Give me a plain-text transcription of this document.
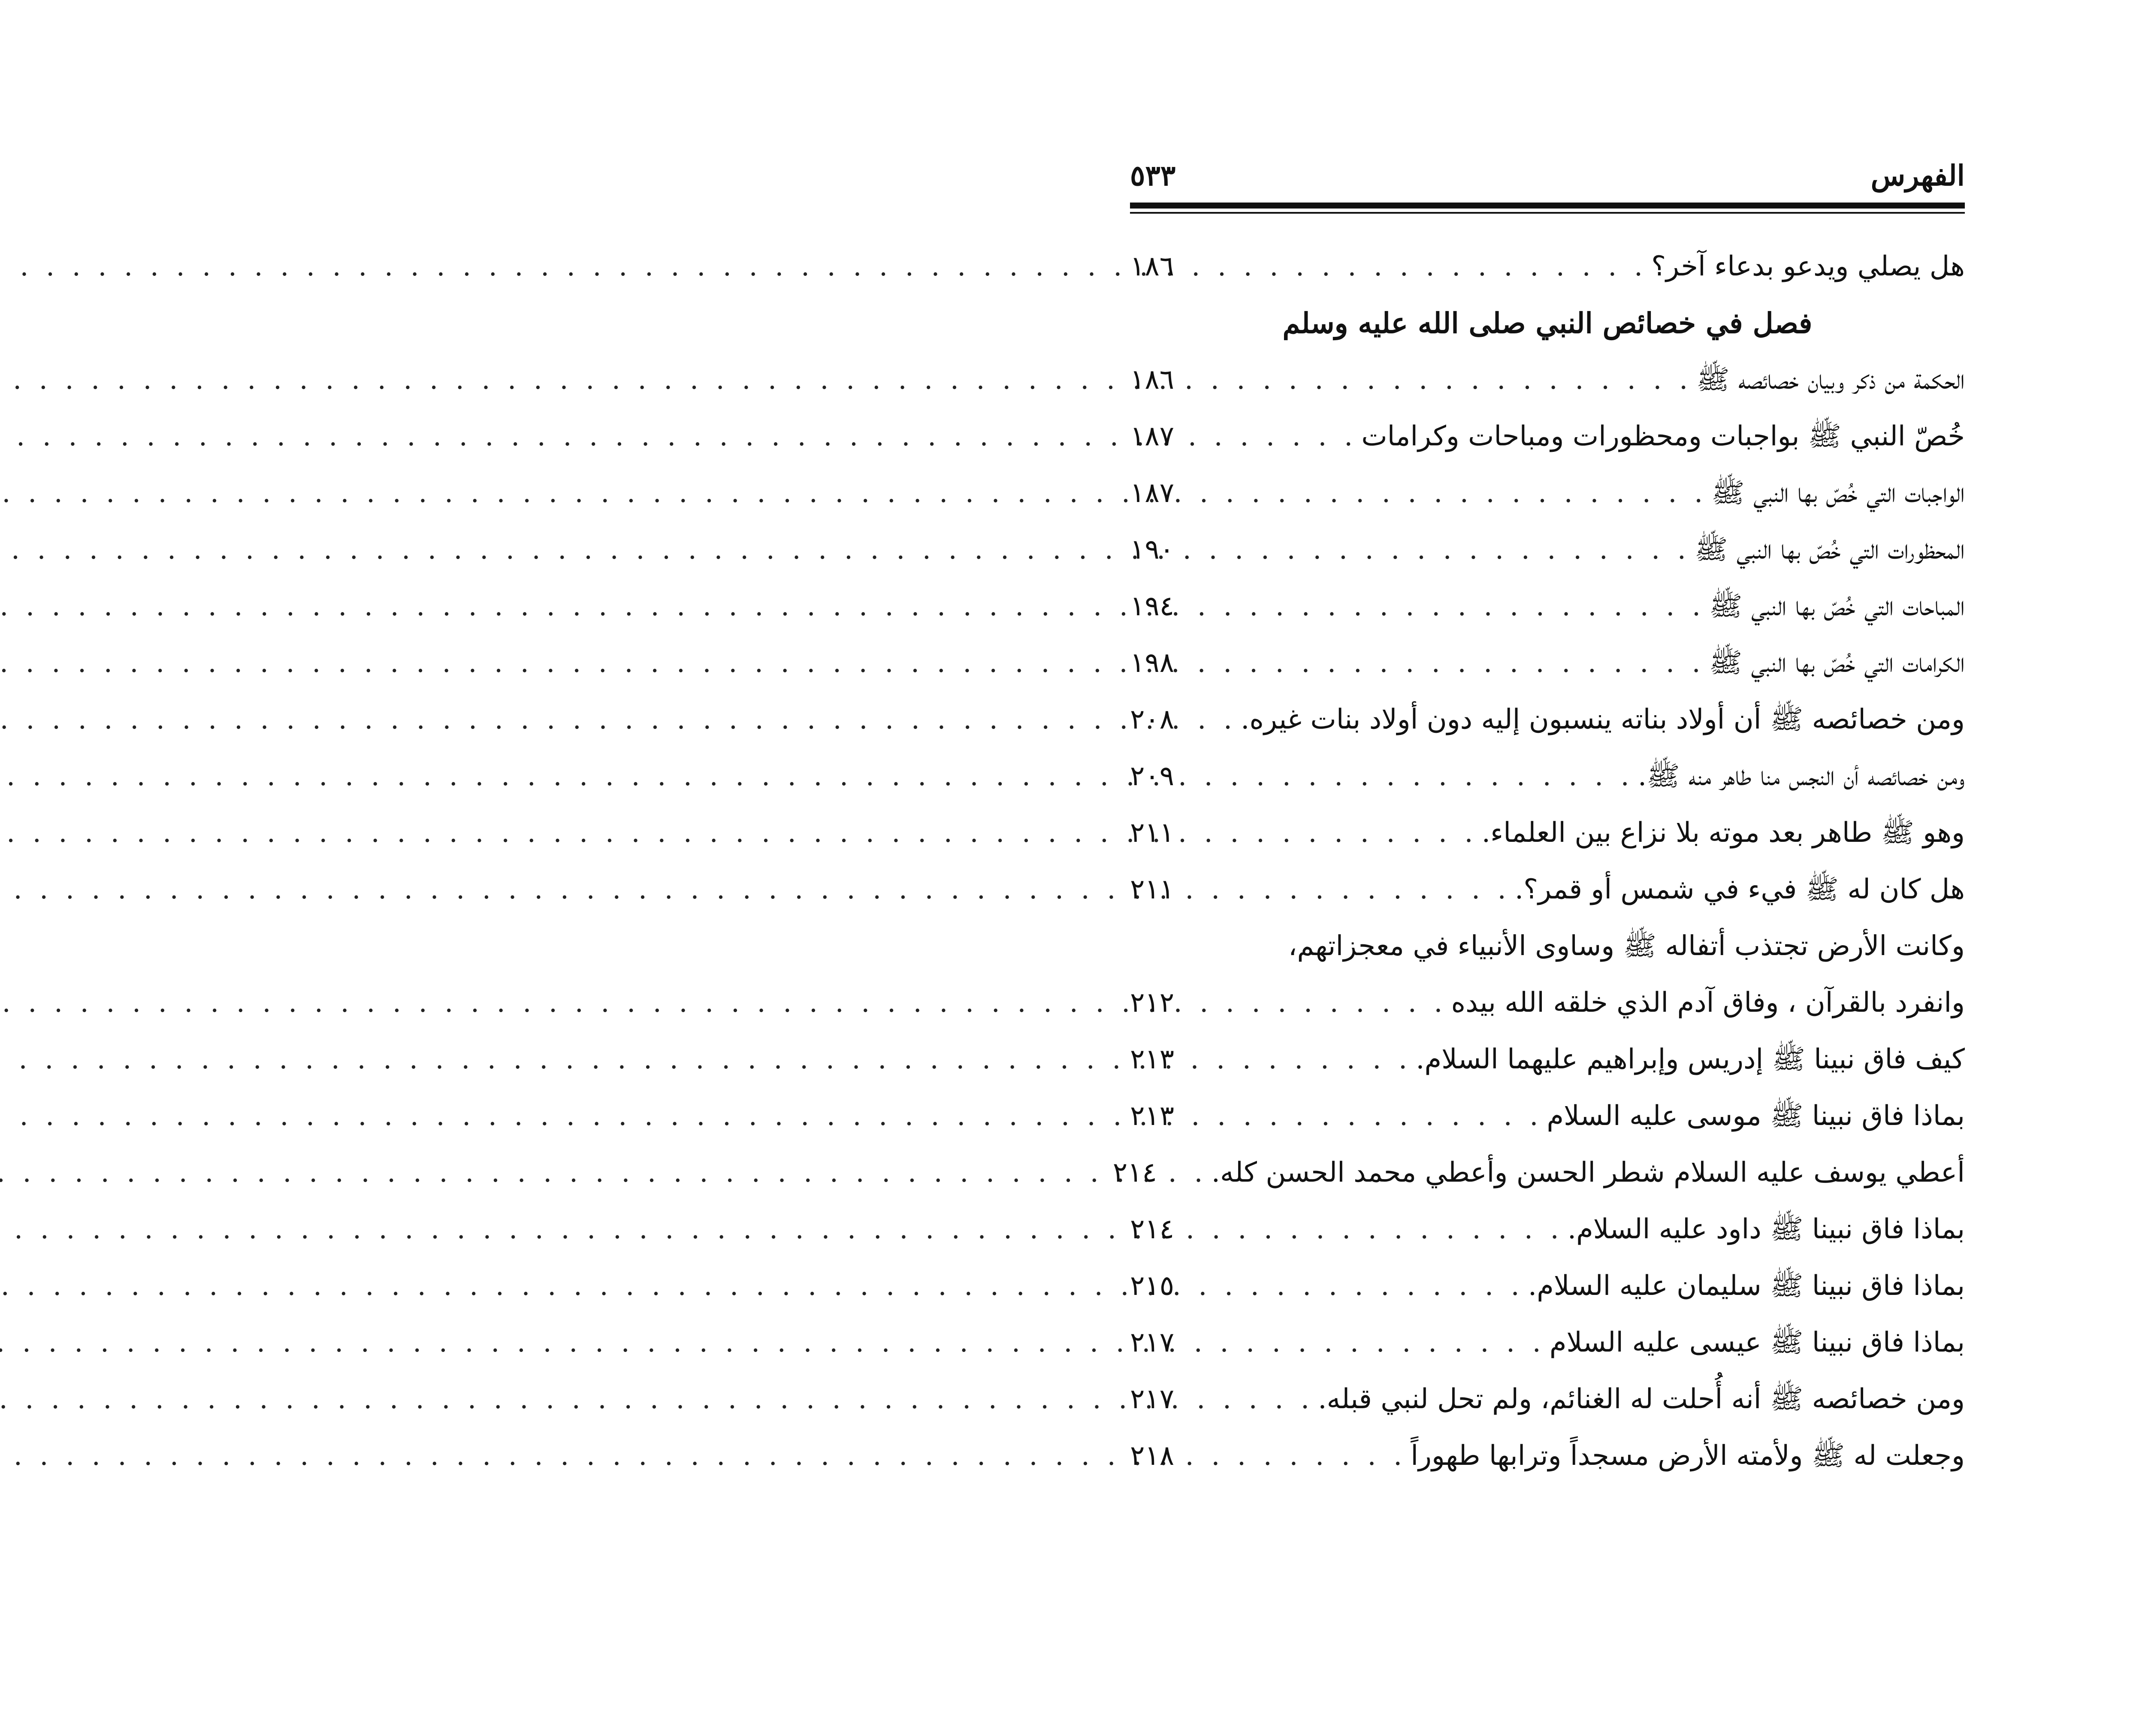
الفهرس
٥٣٣
هل يصلي ويدعو بدعاء آخر؟
. . .
١٨٦
فصل في خصائص النبي صلى الله عليه وسلم
الحكمة من ذكر وبيان خصائصه ﷺ
. . .
١٨٦
خُصّ النبي ﷺ بواجبات ومحظورات ومباحات وكرامات
. . .
١٨٧
الواجبات التي خُصّ بها النبي ﷺ
. . .
١٨٧
المحظورات التي خُصّ بها النبي ﷺ
. . .
١٩٠
المباحات التي خُصّ بها النبي ﷺ
. . .
١٩٤
الكرامات التي خُصّ بها النبي ﷺ
. . .
١٩٨
ومن خصائصه ﷺ أن أولاد بناته ينسبون إليه دون أولاد بنات غيره.
. . .
٢٠٨
ومن خصائصه أن النجس منا طاهر منه ﷺ.
. . .
٢٠٩
وهو ﷺ طاهر بعد موته بلا نزاع بين العلماء.
. . .
٢١١
هل كان له ﷺ فيء في شمس أو قمر؟.
. . .
٢١١
وكانت الأرض تجتذب أتفاله ﷺ وساوى الأنبياء في معجزاتهم،
وانفرد بالقرآن ، وفاق آدم الذي خلقه الله بيده
. . .
٢١٢
كيف فاق نبينا ﷺ إدريس وإبراهيم عليهما السلام.
. . .
٢١٣
بماذا فاق نبينا ﷺ موسى عليه السلام
. . .
٢١٣
أعطي يوسف عليه السلام شطر الحسن وأعطي محمد الحسن كله.
. . .
٢١٤
بماذا فاق نبينا ﷺ داود عليه السلام.
. . .
٢١٤
بماذا فاق نبينا ﷺ سليمان عليه السلام.
. . .
٢١٥
بماذا فاق نبينا ﷺ عيسى عليه السلام
. . .
٢١٧
ومن خصائصه ﷺ أنه أُحلت له الغنائم، ولم تحل لنبي قبله.
. . .
٢١٧
وجعلت له ﷺ ولأمته الأرض مسجداً وترابها طهوراً
. . .
٢١٨
